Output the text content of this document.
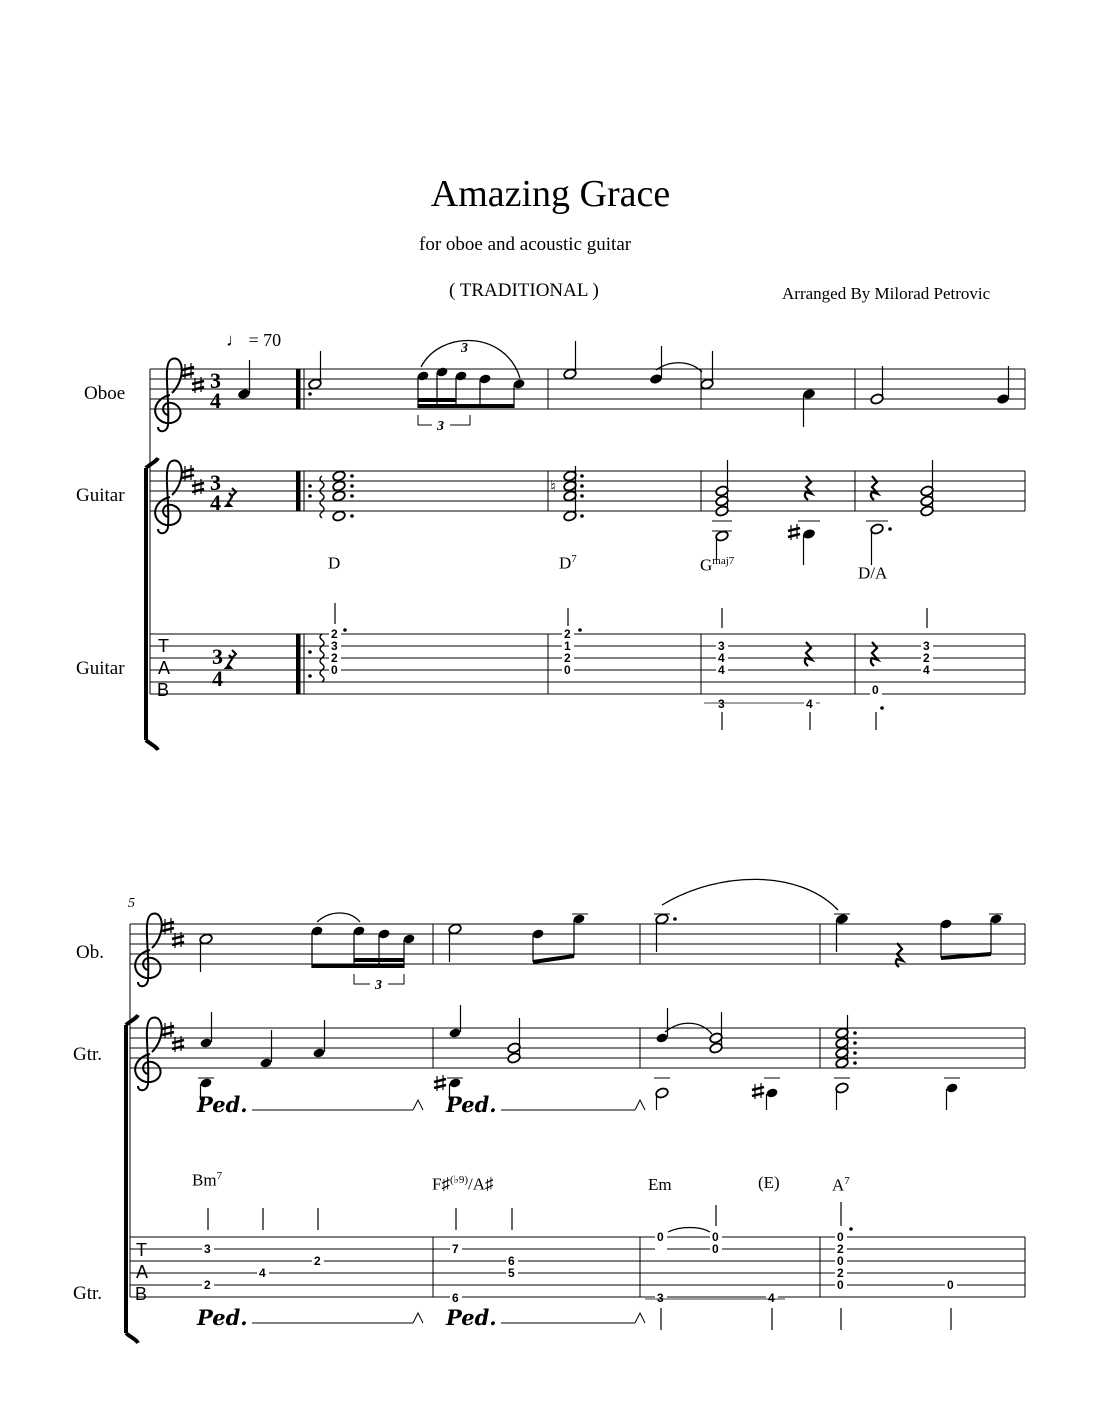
Amazing Grace
for oboe and acoustic guitar
( TRADITIONAL )	Arranged By Milorad Petrovic
♩ = 70
Oboe
Guitar
Guitar
Ob.
Gtr.
Gtr.
5
D	$D^7$	$G^{maj7}$
D/A
Bm$^7$	F♯$^{(♭9)}$/A♯	Em	(E)	$A^7$
3
4
3
4
T
A
B
3
4
3
3
♮
2
3
2
0
2
1
2
0
3
4
4
3	4
3
2
4
0
T
A
B
3
Ped.	Ped.
Ped.	Ped.
3
4
2
2
7
6
5
6
0	0
0
3	4
0
2
0
2
0	0
